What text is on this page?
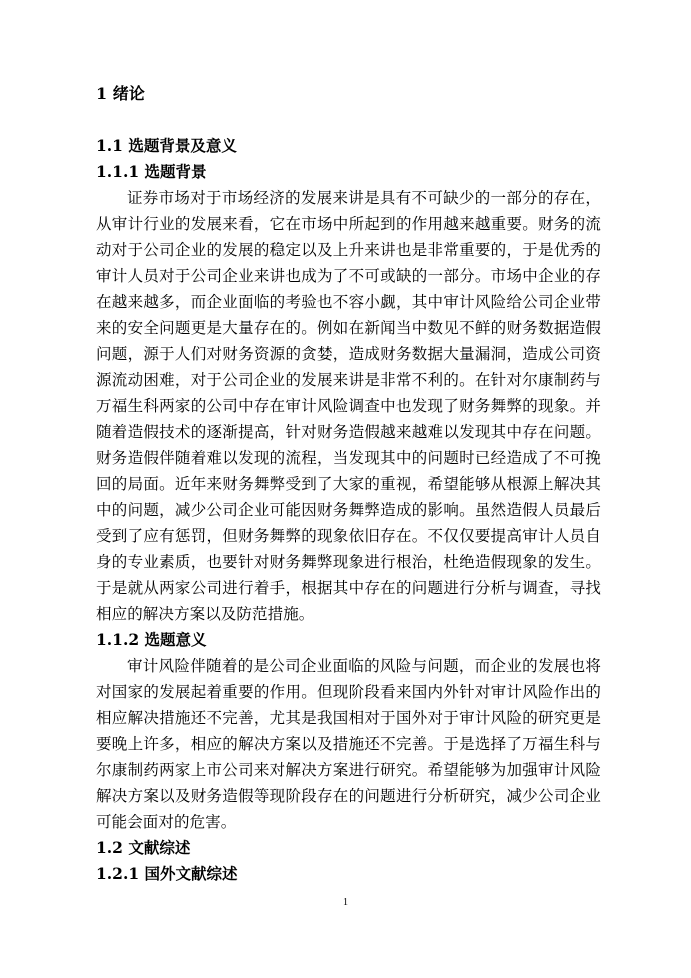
1 绪论
1.1 选题背景及意义
1.1.1 选题背景

证券市场对于市场经济的发展来讲是具有不可缺少的一部分的存在，从审计行业的发展来看，它在市场中所起到的作用越来越重要。财务的流动对于公司企业的发展的稳定以及上升来讲也是非常重要的，于是优秀的审计人员对于公司企业来讲也成为了不可或缺的一部分。市场中企业的存在越来越多，而企业面临的考验也不容小觑，其中审计风险给公司企业带来的安全问题更是大量存在的。例如在新闻当中数见不鲜的财务数据造假问题，源于人们对财务资源的贪婪，造成财务数据大量漏洞，造成公司资源流动困难，对于公司企业的发展来讲是非常不利的。在针对尔康制药与万福生科两家的公司中存在审计风险调查中也发现了财务舞弊的现象。并随着造假技术的逐渐提高，针对财务造假越来越难以发现其中存在问题。财务造假伴随着难以发现的流程，当发现其中的问题时已经造成了不可挽回的局面。近年来财务舞弊受到了大家的重视，希望能够从根源上解决其中的问题，减少公司企业可能因财务舞弊造成的影响。虽然造假人员最后受到了应有惩罚，但财务舞弊的现象依旧存在。不仅仅要提高审计人员自身的专业素质，也要针对财务舞弊现象进行根治，杜绝造假现象的发生。于是就从两家公司进行着手，根据其中存在的问题进行分析与调查，寻找相应的解决方案以及防范措施。

1.1.2 选题意义

审计风险伴随着的是公司企业面临的风险与问题，而企业的发展也将对国家的发展起着重要的作用。但现阶段看来国内外针对审计风险作出的相应解决措施还不完善，尤其是我国相对于国外对于审计风险的研究更是要晚上许多，相应的解决方案以及措施还不完善。于是选择了万福生科与尔康制药两家上市公司来对解决方案进行研究。希望能够为加强审计风险解决方案以及财务造假等现阶段存在的问题进行分析研究，减少公司企业可能会面对的危害。

1.2 文献综述
1.2.1 国外文献综述
1
